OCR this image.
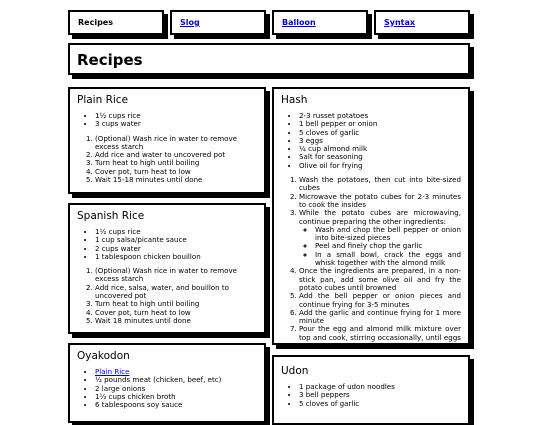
Recipes	Slog	Balloon	Syntax
Recipes
Plain Rice
• 1½ cups rice
• 3 cups water
1. (Optional) Wash rice in water to remove excess starch
2. Add rice and water to uncovered pot
3. Turn heat to high until boiling
4. Cover pot, turn heat to low
5. Wait 15-18 minutes until done
Spanish Rice
• 1½ cups rice
• 1 cup salsa/picante sauce
• 2 cups water
• 1 tablespoon chicken bouillon
1. (Optional) Wash rice in water to remove excess starch
2. Add rice, salsa, water, and bouillon to uncovered pot
3. Turn heat to high until boiling
4. Cover pot, turn heat to low
5. Wait 18 minutes until done
Oyakodon
• Plain Rice
• ½ pounds meat (chicken, beef, etc)
• 2 large onions
• 1½ cups chicken broth
• 6 tablespoons soy sauce
Hash
• 2-3 russet potatoes
• 1 bell pepper or onion
• 5 cloves of garlic
• 3 eggs
• ¼ cup almond milk
• Salt for seasoning
• Olive oil for frying
1. Wash the potatoes, then cut into bite-sized cubes
2. Microwave the potato cubes for 2-3 minutes to cook the insides
3. While the potato cubes are microwaving, continue preparing the other ingredients:
◦ Wash and chop the bell pepper or onion into bite-sized pieces
◦ Peel and finely chop the garlic
◦ In a small bowl, crack the eggs and whisk together with the almond milk
4. Once the ingredients are prepared, in a non-stick pan, add some olive oil and fry the potato cubes until browned
5. Add the bell pepper or onion pieces and continue frying for 3-5 minutes
6. Add the garlic and continue frying for 1 more minute
7. Pour the egg and almond milk mixture over top and cook, stirring occasionally, until eggs are set
Udon
• 1 package of udon noodles
• 3 bell peppers
• 5 cloves of garlic
